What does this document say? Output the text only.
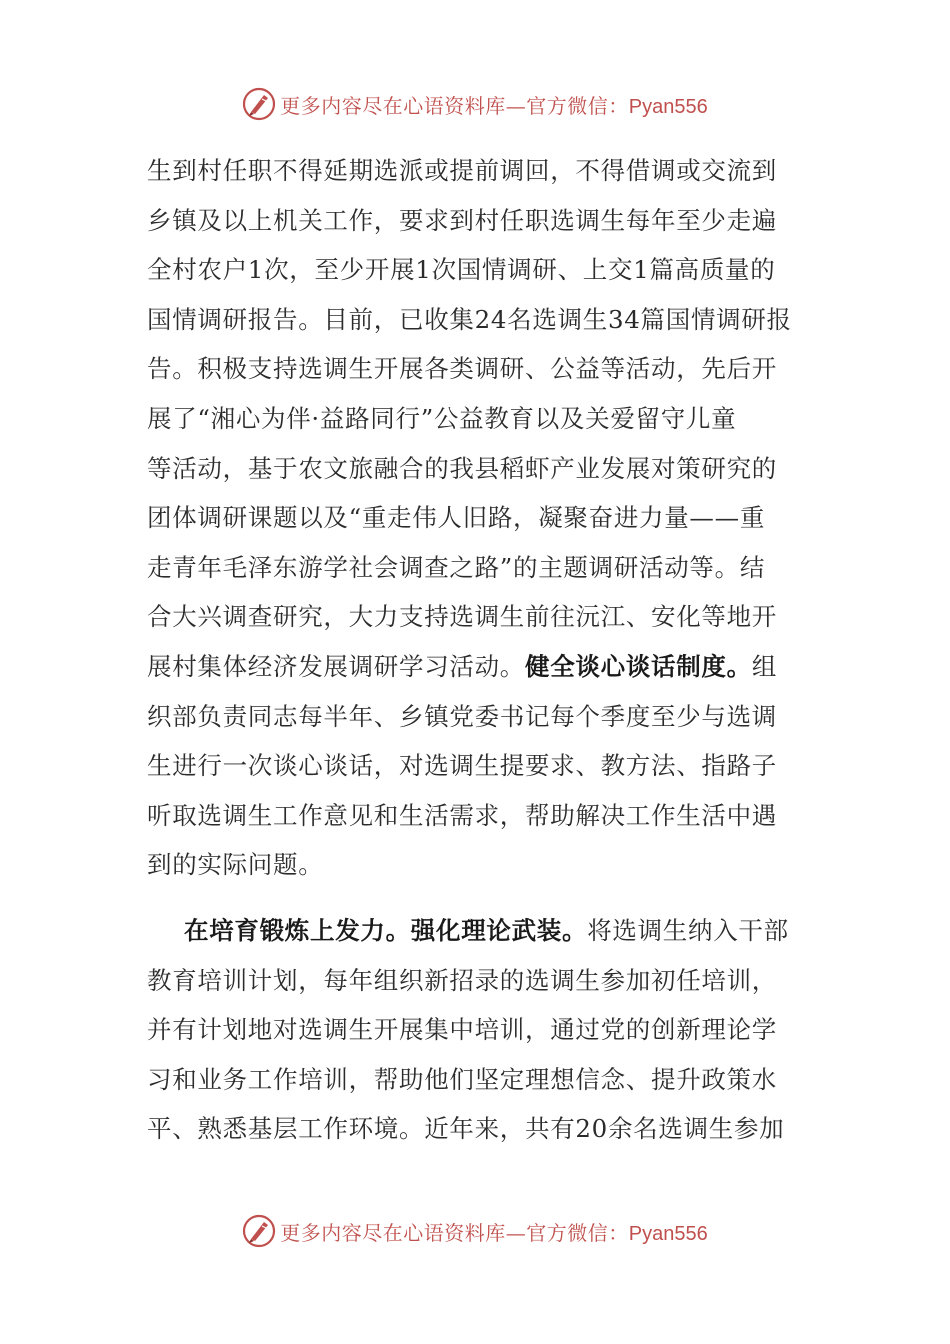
更多内容尽在心语资料库—官方微信：Pyan556
生到村任职不得延期选派或提前调回，不得借调或交流到
乡镇及以上机关工作，要求到村任职选调生每年至少走遍
全村农户1次，至少开展1次国情调研、上交1篇高质量的
国情调研报告。目前，已收集24名选调生34篇国情调研报
告。积极支持选调生开展各类调研、公益等活动，先后开
展了“湘心为伴·益路同行”公益教育以及关爱留守儿童
等活动，基于农文旅融合的我县稻虾产业发展对策研究的
团体调研课题以及“重走伟人旧路，凝聚奋进力量——重
走青年毛泽东游学社会调查之路”的主题调研活动等。结
合大兴调查研究，大力支持选调生前往沅江、安化等地开
展村集体经济发展调研学习活动。健全谈心谈话制度。组
织部负责同志每半年、乡镇党委书记每个季度至少与选调
生进行一次谈心谈话，对选调生提要求、教方法、指路子
听取选调生工作意见和生活需求，帮助解决工作生活中遇
到的实际问题。
在培育锻炼上发力。强化理论武装。将选调生纳入干部
教育培训计划，每年组织新招录的选调生参加初任培训，
并有计划地对选调生开展集中培训，通过党的创新理论学
习和业务工作培训，帮助他们坚定理想信念、提升政策水
平、熟悉基层工作环境。近年来，共有20余名选调生参加
更多内容尽在心语资料库—官方微信：Pyan556
